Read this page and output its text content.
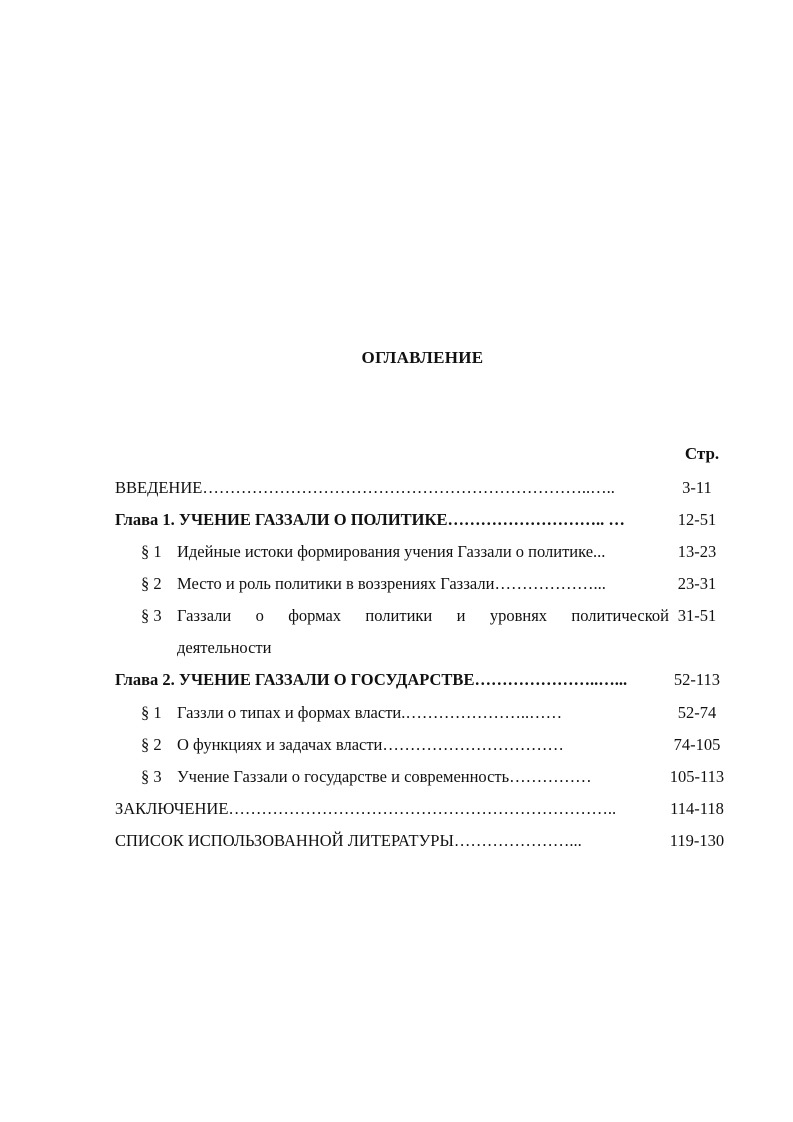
ОГЛАВЛЕНИЕ
Стр.
ВВЕДЕНИЕ……………………………………………………………..…..	3-11
Глава 1. УЧЕНИЕ ГАЗЗАЛИ О ПОЛИТИКЕ……………………….. …	12-51
§ 1 Идейные истоки формирования учения Газзали о политике...	13-23
§ 2 Место и роль политики в воззрениях Газзали………………...	23-31
§ 3 Газзали о формах политики и уровнях политической 31-51
деятельности
Глава 2. УЧЕНИЕ ГАЗЗАЛИ О ГОСУДАРСТВЕ…………………..…...	52-113
§ 1 Газзли о типах и формах власти.…………………..……	52-74
§ 2 О функциях и задачах власти……………………………	74-105
§ 3 Учение Газзали о государстве и современность……………	105-113
ЗАКЛЮЧЕНИЕ……………………………………………………………..	114-118
СПИСОК ИСПОЛЬЗОВАННОЙ ЛИТЕРАТУРЫ…………………...	119-130
